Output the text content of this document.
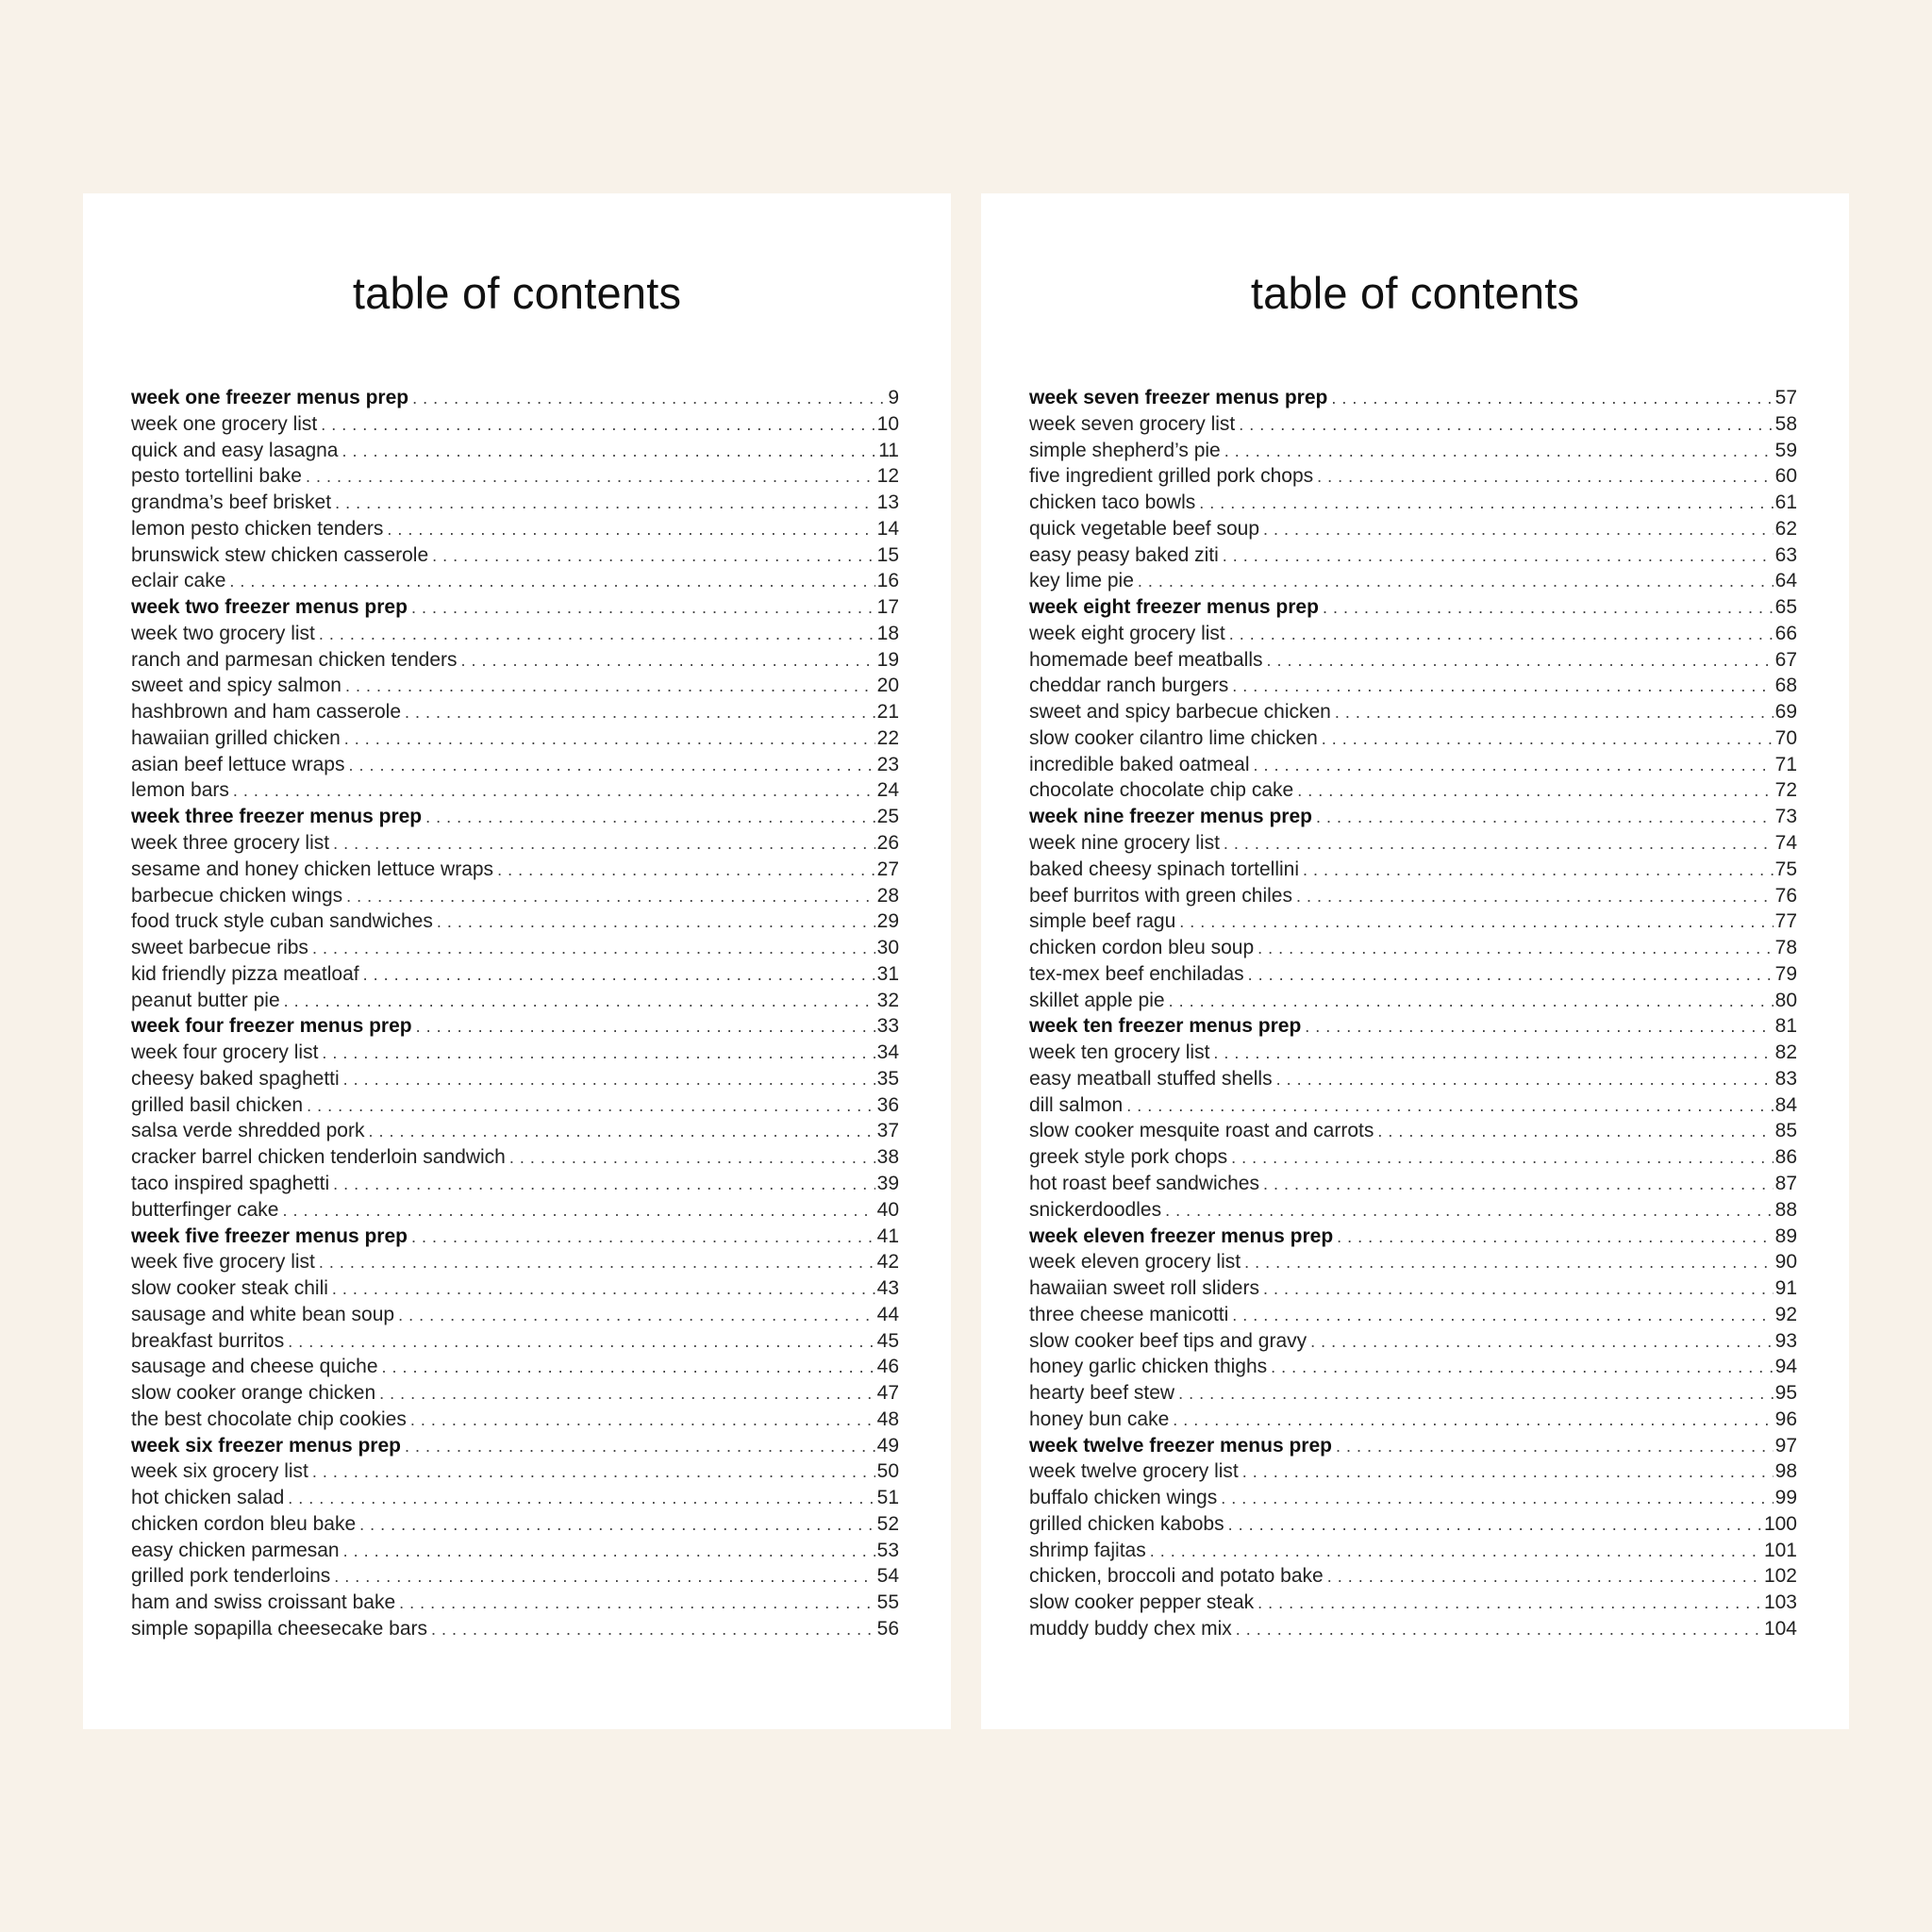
table of contents
week one freezer menus prep . . .	9
week one grocery list . . .	10
quick and easy lasagna . . .	11
pesto tortellini bake . . .	12
grandma’s beef brisket . . .	13
lemon pesto chicken tenders . . .	14
brunswick stew chicken casserole . . .	15
eclair cake . . .	16
week two freezer menus prep . . .	17
week two grocery list . . .	18
ranch and parmesan chicken tenders . . .	19
sweet and spicy salmon . . .	20
hashbrown and ham casserole . . .	21
hawaiian grilled chicken . . .	22
asian beef lettuce wraps . . .	23
lemon bars . . .	24
week three freezer menus prep . . .	25
week three grocery list . . .	26
sesame and honey chicken lettuce wraps . . .	27
barbecue chicken wings . . .	28
food truck style cuban sandwiches . . .	29
sweet barbecue ribs . . .	30
kid friendly pizza meatloaf . . .	31
peanut butter pie . . .	32
week four freezer menus prep . . .	33
week four grocery list . . .	34
cheesy baked spaghetti . . .	35
grilled basil chicken . . .	36
salsa verde shredded pork . . .	37
cracker barrel chicken tenderloin sandwich . . .	38
taco inspired spaghetti . . .	39
butterfinger cake . . .	40
week five freezer menus prep . . .	41
week five grocery list . . .	42
slow cooker steak chili . . .	43
sausage and white bean soup . . .	44
breakfast burritos . . .	45
sausage and cheese quiche . . .	46
slow cooker orange chicken . . .	47
the best chocolate chip cookies . . .	48
week six freezer menus prep . . .	49
week six grocery list . . .	50
hot chicken salad . . .	51
chicken cordon bleu bake . . .	52
easy chicken parmesan . . .	53
grilled pork tenderloins . . .	54
ham and swiss croissant bake . . .	55
simple sopapilla cheesecake bars . . .	56
table of contents
week seven freezer menus prep . . .	57
week seven grocery list . . .	58
simple shepherd’s pie . . .	59
five ingredient grilled pork chops . . .	60
chicken taco bowls . . .	61
quick vegetable beef soup . . .	62
easy peasy baked ziti . . .	63
key lime pie . . .	64
week eight freezer menus prep . . .	65
week eight grocery list . . .	66
homemade beef meatballs . . .	67
cheddar ranch burgers . . .	68
sweet and spicy barbecue chicken . . .	69
slow cooker cilantro lime chicken . . .	70
incredible baked oatmeal . . .	71
chocolate chocolate chip cake . . .	72
week nine freezer menus prep . . .	73
week nine grocery list . . .	74
baked cheesy spinach tortellini . . .	75
beef burritos with green chiles . . .	76
simple beef ragu . . .	77
chicken cordon bleu soup . . .	78
tex-mex beef enchiladas . . .	79
skillet apple pie . . .	80
week ten freezer menus prep . . .	81
week ten grocery list . . .	82
easy meatball stuffed shells . . .	83
dill salmon . . .	84
slow cooker mesquite roast and carrots . . .	85
greek style pork chops . . .	86
hot roast beef sandwiches . . .	87
snickerdoodles . . .	88
week eleven freezer menus prep . . .	89
week eleven grocery list . . .	90
hawaiian sweet roll sliders . . .	91
three cheese manicotti . . .	92
slow cooker beef tips and gravy . . .	93
honey garlic chicken thighs . . .	94
hearty beef stew . . .	95
honey bun cake . . .	96
week twelve freezer menus prep . . .	97
week twelve grocery list . . .	98
buffalo chicken wings . . .	99
grilled chicken kabobs . . .	100
shrimp fajitas . . .	101
chicken, broccoli and potato bake . . .	102
slow cooker pepper steak . . .	103
muddy buddy chex mix . . .	104
